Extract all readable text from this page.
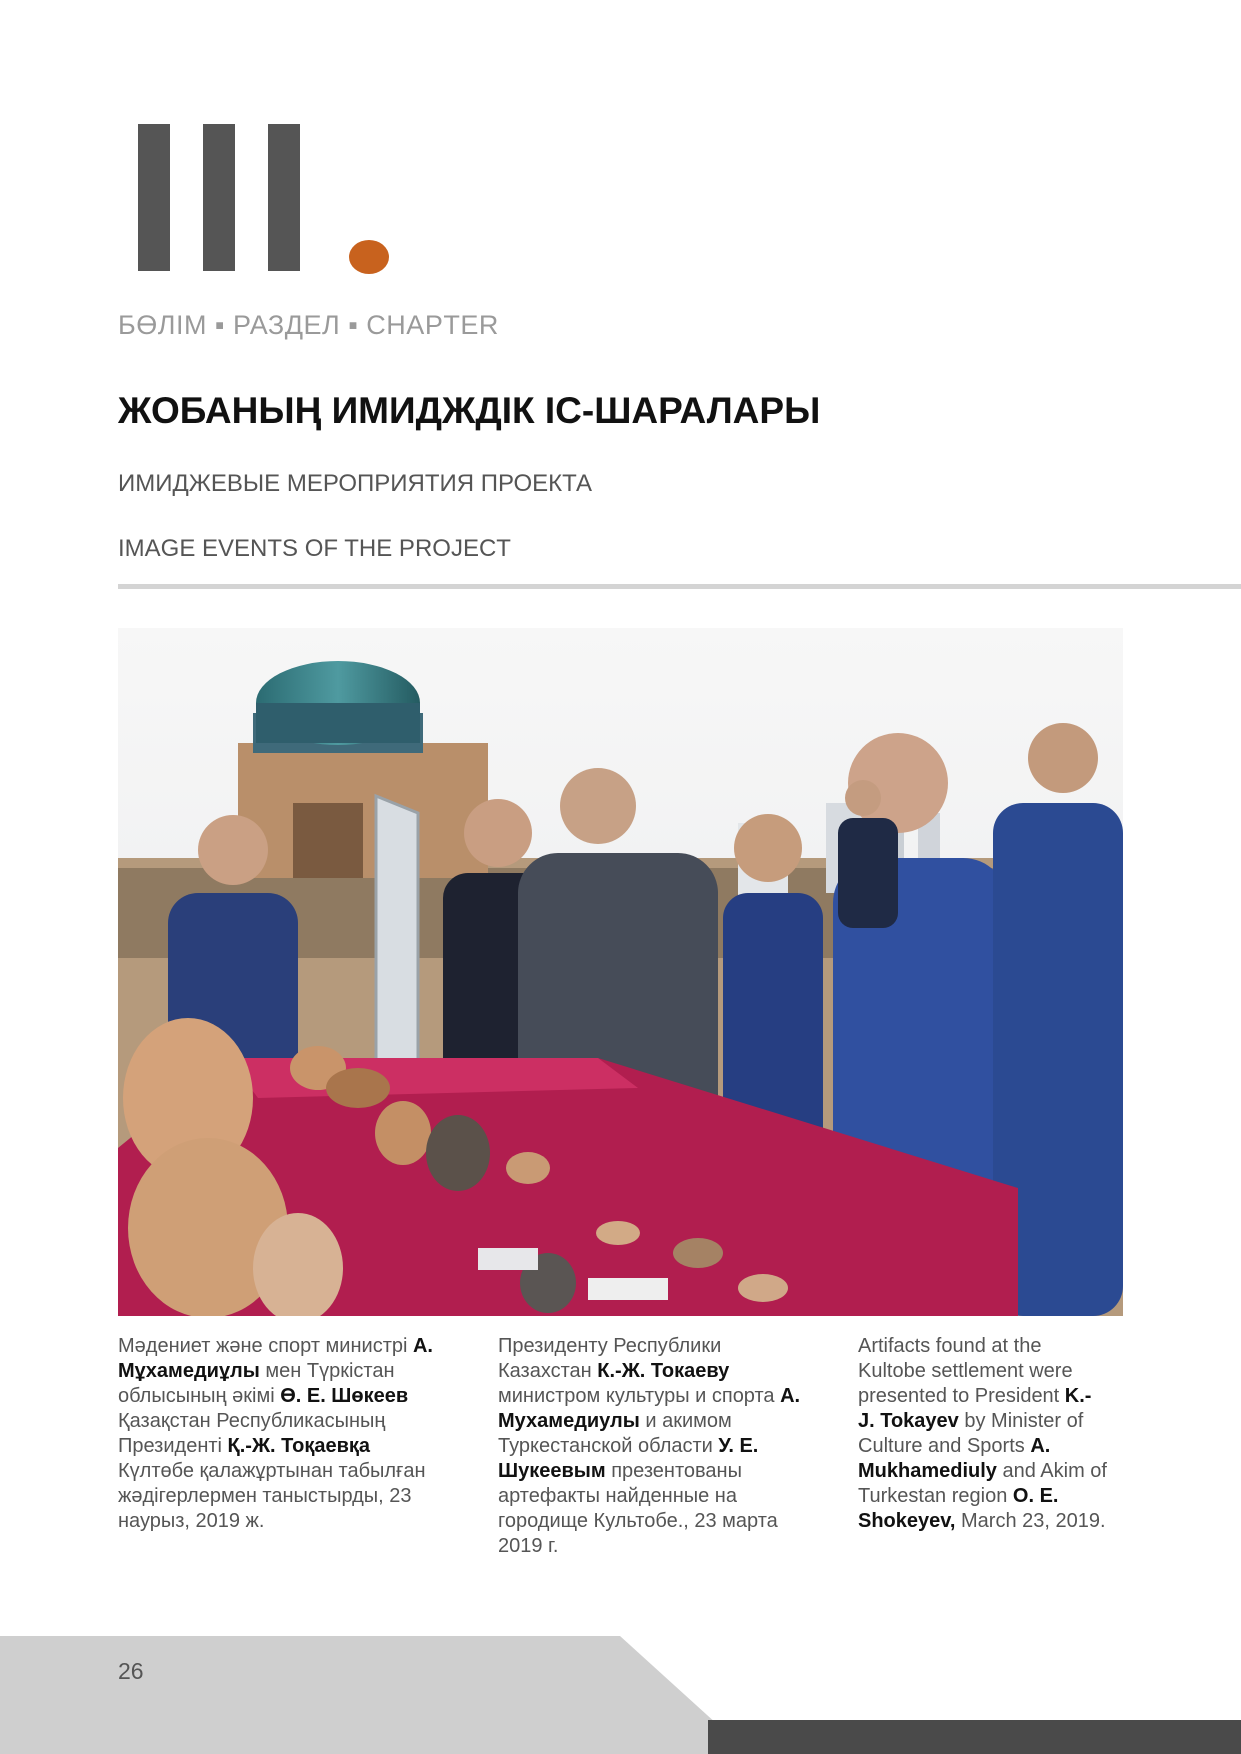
БӨЛІМ ▪ РАЗДЕЛ ▪ CHAPTER
ЖОБАНЫҢ ИМИДЖДІК ІС-ШАРАЛАРЫ
ИМИДЖЕВЫЕ МЕРОПРИЯТИЯ ПРОЕКТА
IMAGE EVENTS OF THE PROJECT
Мәдениет және спорт министрі А. Мұхамедиұлы мен Түркістан облысының әкімі Ө. Е. Шөкеев Қазақстан Республикасының Президенті Қ.-Ж. Тоқаевқа Күлтөбе қалажұртынан табылған жәдігерлермен таныстырды, 23 наурыз, 2019 ж.
Президенту Республики Казахстан К.-Ж. Токаеву министром культуры и спорта А. Мухамедиулы и акимом Туркестанской области У. Е. Шукеевым презентованы артефакты найденные на городище Культобе., 23 марта 2019 г.
Artifacts found at the Kultobe settlement were presented to President K.-J. Tokayev by Minister of Culture and Sports A. Mukhamediuly and Akim of Turkestan region O. E. Shokeyev, March 23, 2019.
26
